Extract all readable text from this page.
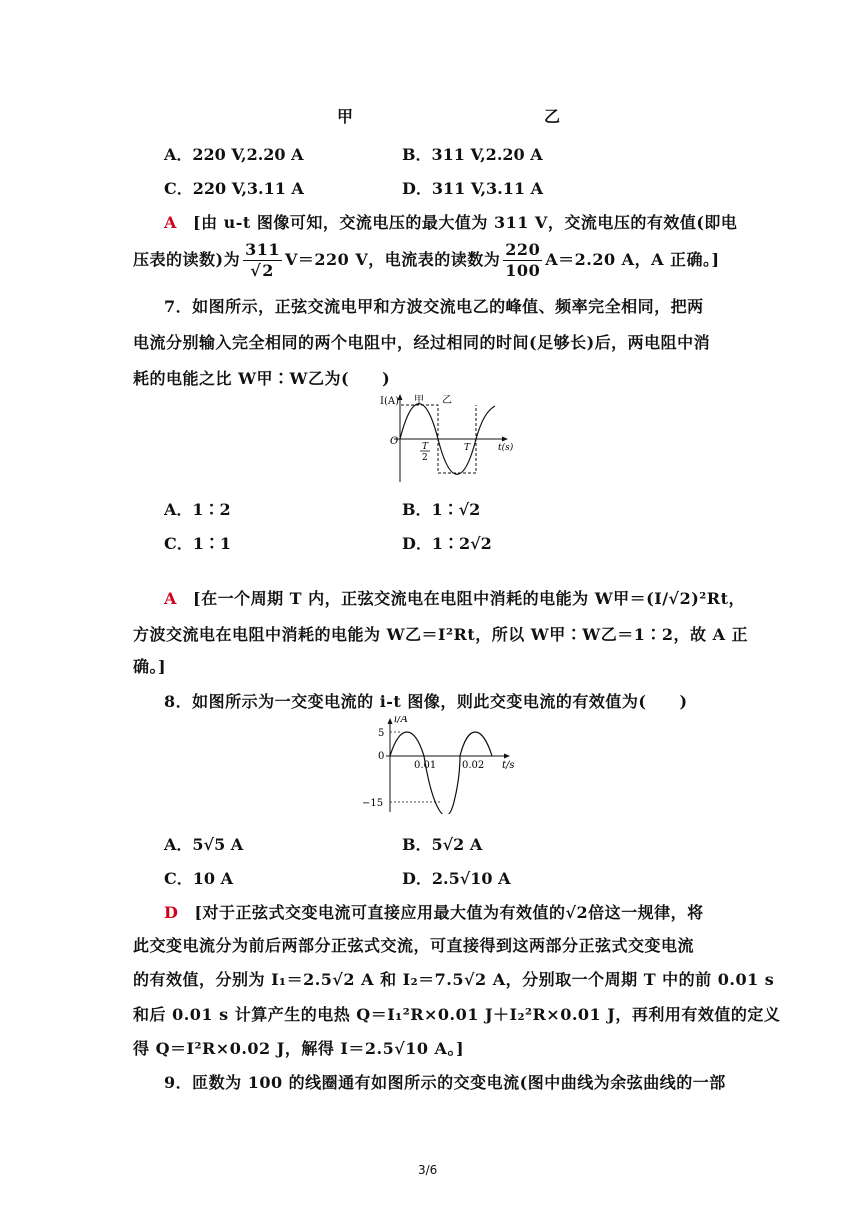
甲	乙
A．220 V,2.20 A	B．311 V,2.20 A
C．220 V,3.11 A	D．311 V,3.11 A
A [由 u-t 图像可知，交流电压的最大值为 311 V，交流电压的有效值(即电
压表的读数)为 $\frac{311}{√2} V=220$ V，电流表的读数为 $\frac{220}{100} A=2.20$ A，A 正确。]
7．如图所示，正弦交流电甲和方波交流电乙的峰值、频率完全相同，把两
电流分别输入完全相同的两个电阻中，经过相同的时间(足够长)后，两电阻中消
耗的电能之比 W甲∶W乙为(　　)
I(A) 甲 乙
O	T
2
T	t(s)
A．1∶2	B．1∶√2
C．1∶1	D．1∶2√2
A [在一个周期 T 内，正弦交流电在电阻中消耗的电能为 W甲＝(I/√2)²Rt，
方波交流电在电阻中消耗的电能为 W乙＝I²Rt，所以 W甲∶W乙＝1∶2，故 A 正
确。]
8．如图所示为一交变电流的 i-t 图像，则此交变电流的有效值为(　　)
i/A
5
0
−15
0.01	0.02 t/s
A．5√5 A	B．5√2 A
C．10 A	D．2.5√10 A
D [对于正弦式交变电流可直接应用最大值为有效值的√2倍这一规律，将
此交变电流分为前后两部分正弦式交流，可直接得到这两部分正弦式交变电流
的有效值，分别为 I₁＝2.5√2 A 和 I₂＝7.5√2 A，分别取一个周期 T 中的前 0.01 s
和后 0.01 s 计算产生的电热 Q＝I₁²R×0.01 J＋I₂²R×0.01 J，再利用有效值的定义
得 Q＝I²R×0.02 J，解得 I＝2.5√10 A。]
9．匝数为 100 的线圈通有如图所示的交变电流(图中曲线为余弦曲线的一部
3/6
